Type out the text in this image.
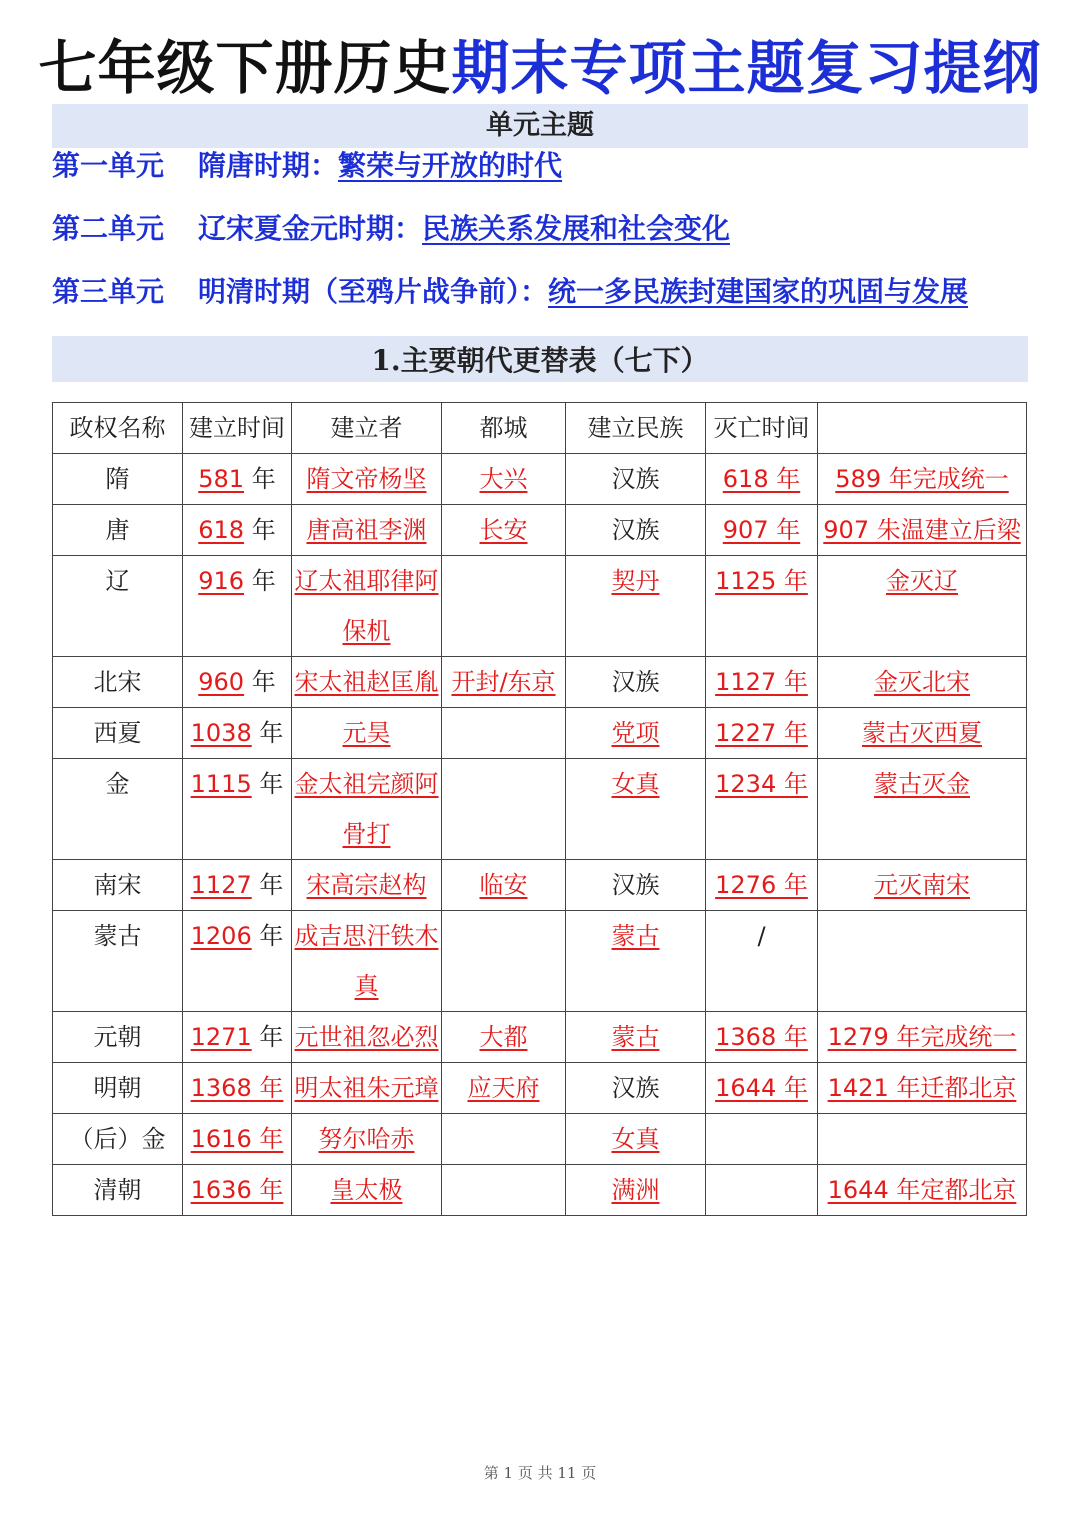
七年级下册历史期末专项主题复习提纲
单元主题
第一单元 隋唐时期：繁荣与开放的时代
第二单元 辽宋夏金元时期：民族关系发展和社会变化
第三单元 明清时期（至鸦片战争前）：统一多民族封建国家的巩固与发展
1.主要朝代更替表（七下）
政权名称	建立时间	建立者	都城	建立民族	灭亡时间	
隋	581 年	隋文帝杨坚	大兴	汉族	618 年	589 年完成统一
唐	618 年	唐高祖李渊	长安	汉族	907 年	907 朱温建立后梁
辽	916 年	辽太祖耶律阿保机		契丹	1125 年	金灭辽
北宋	960 年	宋太祖赵匡胤	开封/东京	汉族	1127 年	金灭北宋
西夏	1038 年	元昊		党项	1227 年	蒙古灭西夏
金	1115 年	金太祖完颜阿骨打		女真	1234 年	蒙古灭金
南宋	1127 年	宋高宗赵构	临安	汉族	1276 年	元灭南宋
蒙古	1206 年	成吉思汗铁木真		蒙古	/	
元朝	1271 年	元世祖忽必烈	大都	蒙古	1368 年	1279 年完成统一
明朝	1368 年	明太祖朱元璋	应天府	汉族	1644 年	1421 年迁都北京
（后）金	1616 年	努尔哈赤		女真		
清朝	1636 年	皇太极		满洲		1644 年定都北京
第 1 页 共 11 页
